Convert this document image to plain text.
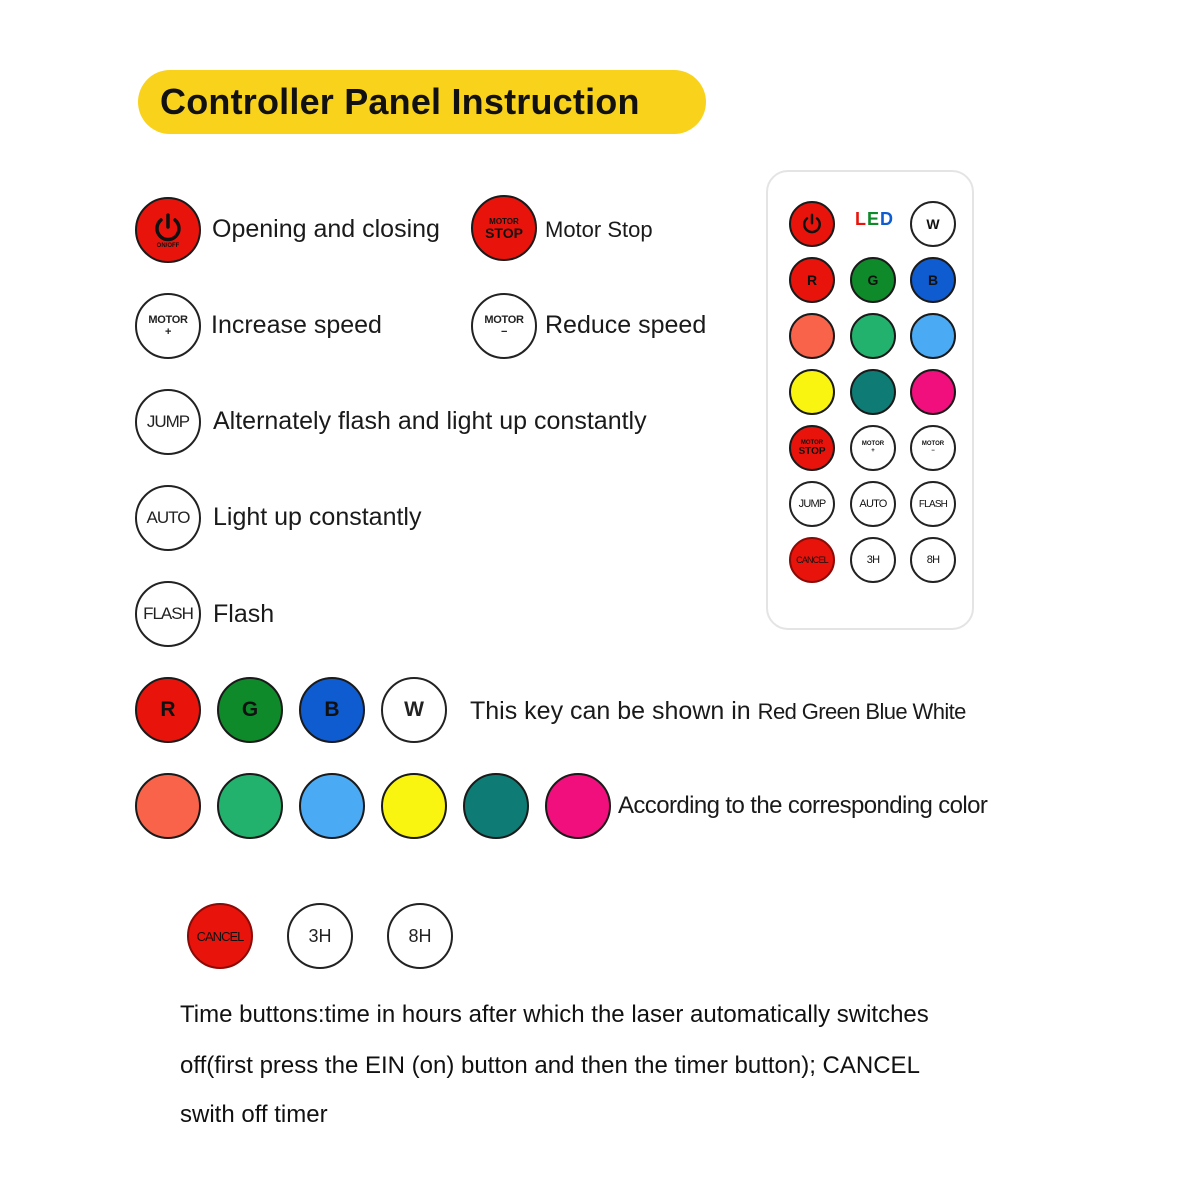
Controller Panel Instruction
ON/OFF
Opening and closing	MOTOR
STOP Motor Stop
MOTOR
+ Increase speed	MOTOR
− Reduce speed
JUMP Alternately flash and light up constantly
AUTO Light up constantly
FLASH Flash
R	G	B	W This key can be shown in Red Green Blue White
According to the corresponding color
CANCEL	3H	8H
Time buttons:time in hours after which the laser automatically switches
off(first press the EIN (on) button and then the timer button); CANCEL
swith off timer
LED W
R	G	B
MOTOR
STOP
MOTOR
+
MOTOR
−
JUMP	AUTO	FLASH
CANCEL	3H	8H
